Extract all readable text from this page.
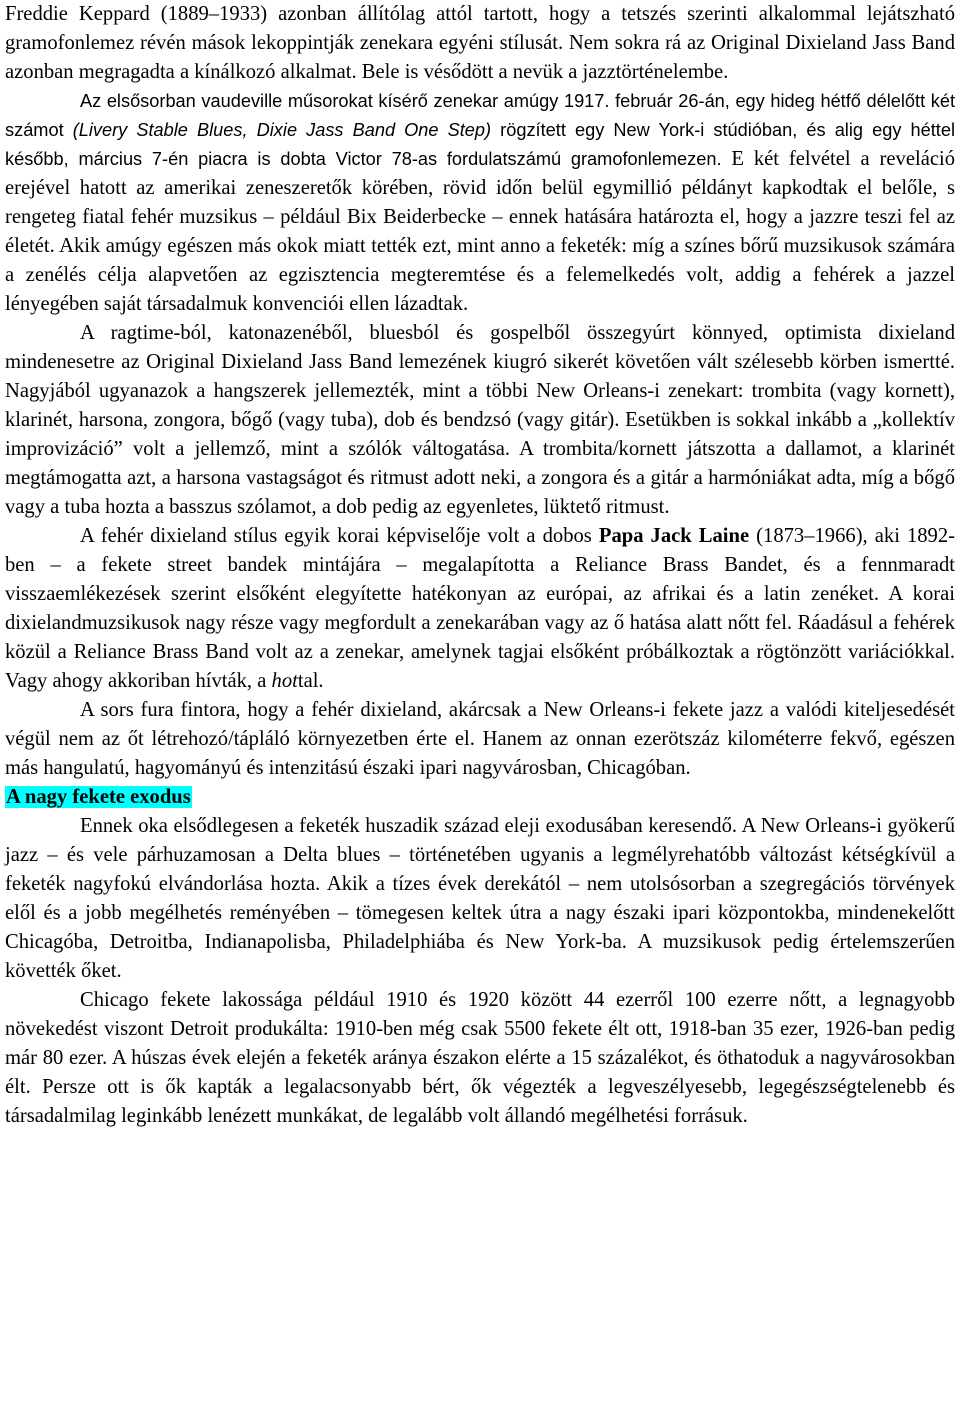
Freddie Keppard (1889–1933) azonban állítólag attól tartott, hogy a tetszés szerinti alkalommal lejátszható gramofonlemez révén mások lekoppintják zenekara egyéni stílusát. Nem sokra rá az Original Dixieland Jass Band azonban megragadta a kínálkozó alkalmat. Bele is vésődött a nevük a jazztörténelembe.

Az elsősorban vaudeville műsorokat kísérő zenekar amúgy 1917. február 26-án, egy hideg hétfő délelőtt két számot (Livery Stable Blues, Dixie Jass Band One Step) rögzített egy New York-i stúdióban, és alig egy héttel később, március 7-én piacra is dobta Victor 78-as fordulatszámú gramofonlemezen. E két felvétel a reveláció erejével hatott az amerikai zeneszeretők körében, rövid időn belül egymillió példányt kapkodtak el belőle, s rengeteg fiatal fehér muzsikus – például Bix Beiderbecke – ennek hatására határozta el, hogy a jazzre teszi fel az életét. Akik amúgy egészen más okok miatt tették ezt, mint anno a feketék: míg a színes bőrű muzsikusok számára a zenélés célja alapvetően az egzisztencia megteremtése és a felemelkedés volt, addig a fehérek a jazzel lényegében saját társadalmuk konvenciói ellen lázadtak.

A ragtime-ból, katonazenéből, bluesból és gospelből összegyúrt könnyed, optimista dixieland mindenesetre az Original Dixieland Jass Band lemezének kiugró sikerét követően vált szélesebb körben ismertté. Nagyjából ugyanazok a hangszerek jellemezték, mint a többi New Orleans-i zenekart: trombita (vagy kornett), klarinét, harsona, zongora, bőgő (vagy tuba), dob és bendzsó (vagy gitár). Esetükben is sokkal inkább a „kollektív improvizáció” volt a jellemző, mint a szólók váltogatása. A trombita/kornett játszotta a dallamot, a klarinét megtámogatta azt, a harsona vastagságot és ritmust adott neki, a zongora és a gitár a harmóniákat adta, míg a bőgő vagy a tuba hozta a basszus szólamot, a dob pedig az egyenletes, lüktető ritmust.

A fehér dixieland stílus egyik korai képviselője volt a dobos Papa Jack Laine (1873–1966), aki 1892-ben – a fekete street bandek mintájára – megalapította a Reliance Brass Bandet, és a fennmaradt visszaemlékezések szerint elsőként elegyítette hatékonyan az európai, az afrikai és a latin zenéket. A korai dixielandmuzsikusok nagy része vagy megfordult a zenekarában vagy az ő hatása alatt nőtt fel. Ráadásul a fehérek közül a Reliance Brass Band volt az a zenekar, amelynek tagjai elsőként próbálkoztak a rögtönzött variációkkal. Vagy ahogy akkoriban hívták, a hottal.

A sors fura fintora, hogy a fehér dixieland, akárcsak a New Orleans-i fekete jazz a valódi kiteljesedését végül nem az őt létrehozó/tápláló környezetben érte el. Hanem az onnan ezerötszáz kilométerre fekvő, egészen más hangulatú, hagyományú és intenzitású északi ipari nagyvárosban, Chicagóban.

A nagy fekete exodus

Ennek oka elsődlegesen a feketék huszadik század eleji exodusában keresendő. A New Orleans-i gyökerű jazz – és vele párhuzamosan a Delta blues – történetében ugyanis a legmélyrehatóbb változást kétségkívül a feketék nagyfokú elvándorlása hozta. Akik a tízes évek derekától – nem utolsósorban a szegregációs törvények elől és a jobb megélhetés reményében – tömegesen keltek útra a nagy északi ipari központokba, mindenekelőtt Chicagóba, Detroitba, Indianapolisba, Philadelphiába és New York-ba. A muzsikusok pedig értelemszerűen követték őket.

Chicago fekete lakossága például 1910 és 1920 között 44 ezerről 100 ezerre nőtt, a legnagyobb növekedést viszont Detroit produkálta: 1910-ben még csak 5500 fekete élt ott, 1918-ban 35 ezer, 1926-ban pedig már 80 ezer. A húszas évek elején a feketék aránya északon elérte a 15 százalékot, és öthatoduk a nagyvárosokban élt. Persze ott is ők kapták a legalacsonyabb bért, ők végezték a legveszélyesebb, legegészségtelenebb és társadalmilag leginkább lenézett munkákat, de legalább volt állandó megélhetési forrásuk.
